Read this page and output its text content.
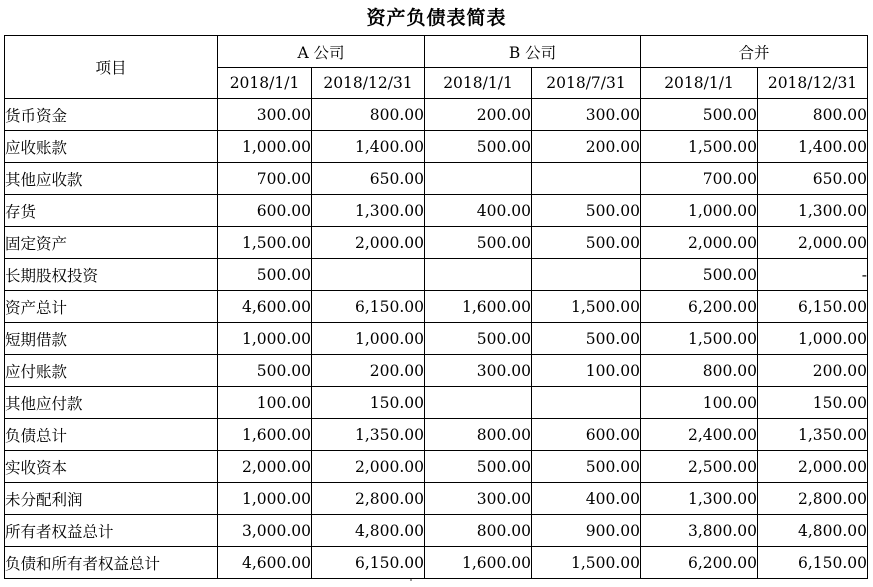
资产负债表简表
项目	A 公司		B 公司		合并	
	2018/1/1	2018/12/31	2018/1/1	2018/7/31	2018/1/1	2018/12/31
货币资金	300.00	800.00	200.00	300.00	500.00	800.00
应收账款	1,000.00	1,400.00	500.00	200.00	1,500.00	1,400.00
其他应收款	700.00	650.00			700.00	650.00
存货	600.00	1,300.00	400.00	500.00	1,000.00	1,300.00
固定资产	1,500.00	2,000.00	500.00	500.00	2,000.00	2,000.00
长期股权投资	500.00				500.00	-
资产总计	4,600.00	6,150.00	1,600.00	1,500.00	6,200.00	6,150.00
短期借款	1,000.00	1,000.00	500.00	500.00	1,500.00	1,000.00
应付账款	500.00	200.00	300.00	100.00	800.00	200.00
其他应付款	100.00	150.00			100.00	150.00
负债总计	1,600.00	1,350.00	800.00	600.00	2,400.00	1,350.00
实收资本	2,000.00	2,000.00	500.00	500.00	2,500.00	2,000.00
未分配利润	1,000.00	2,800.00	300.00	400.00	1,300.00	2,800.00
所有者权益总计	3,000.00	4,800.00	800.00	900.00	3,800.00	4,800.00
负债和所有者权益总计	4,600.00	6,150.00	1,600.00	1,500.00	6,200.00	6,150.00
